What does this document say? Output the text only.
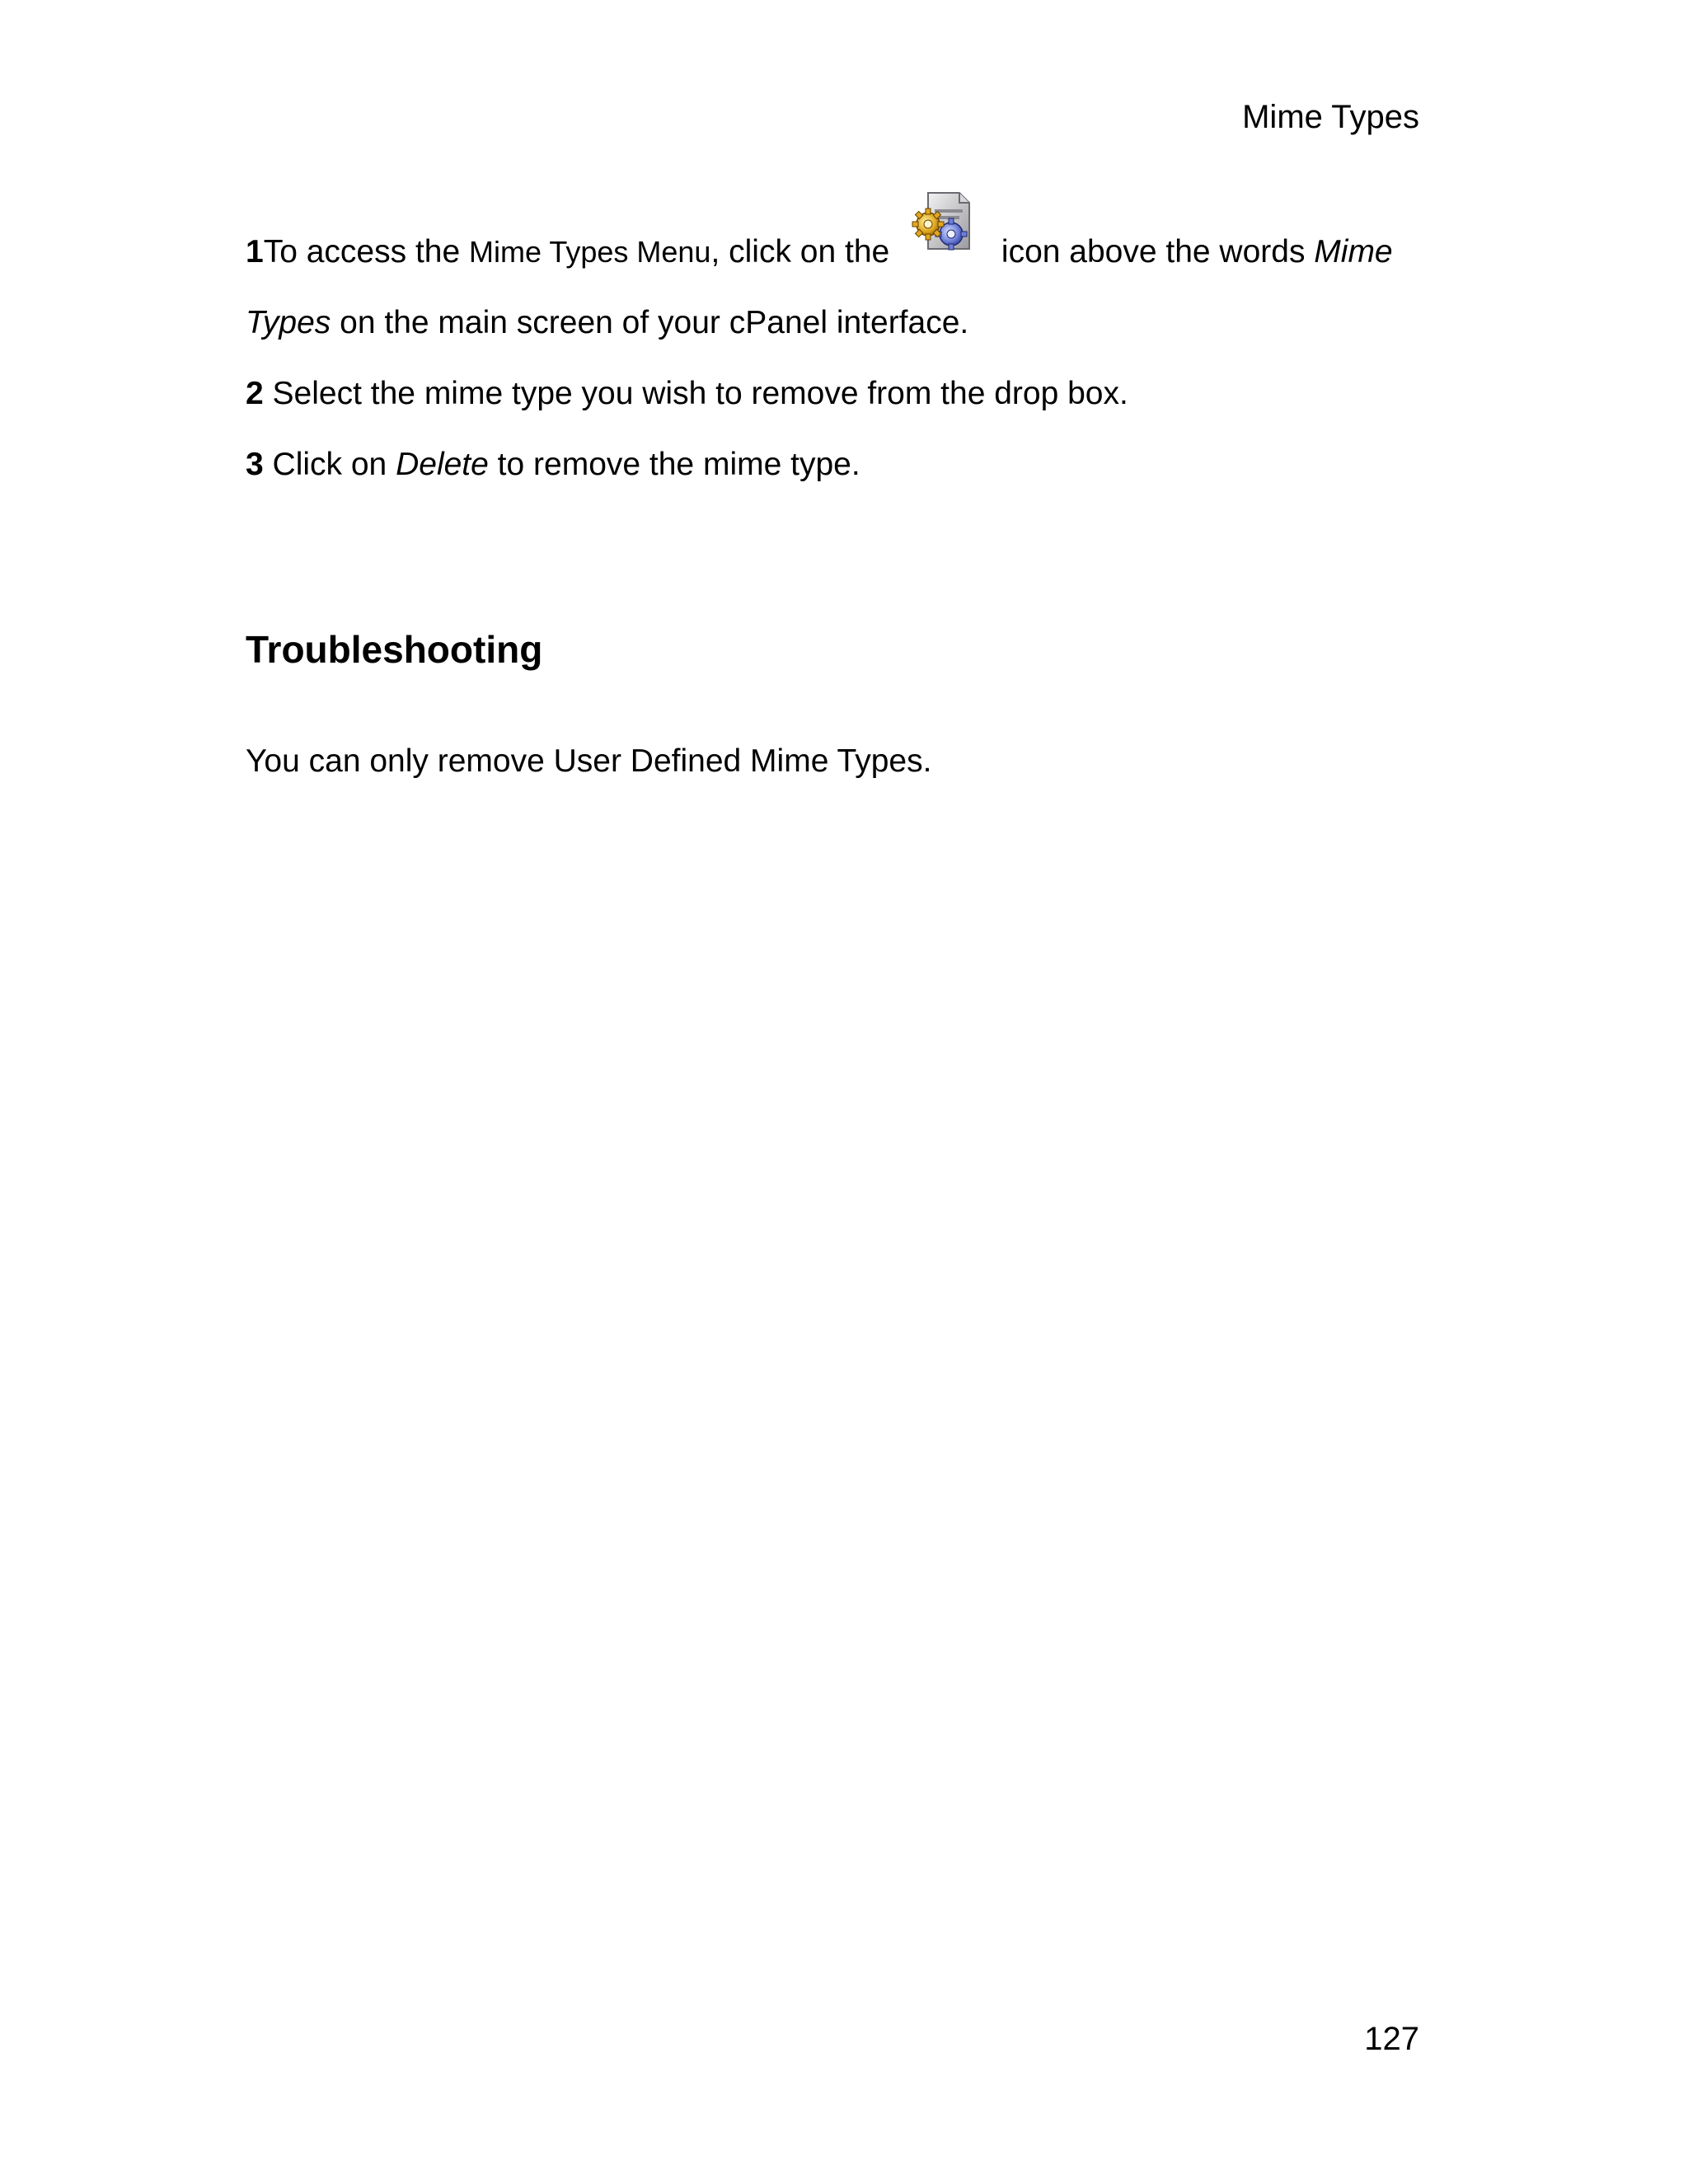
Mime Types

1To access the Mime Types Menu, click on the	icon above the words Mime

Types on the main screen of your cPanel interface.

2 Select the mime type you wish to remove from the drop box.

3 Click on Delete to remove the mime type.

Troubleshooting

You can only remove User Defined Mime Types.

127
